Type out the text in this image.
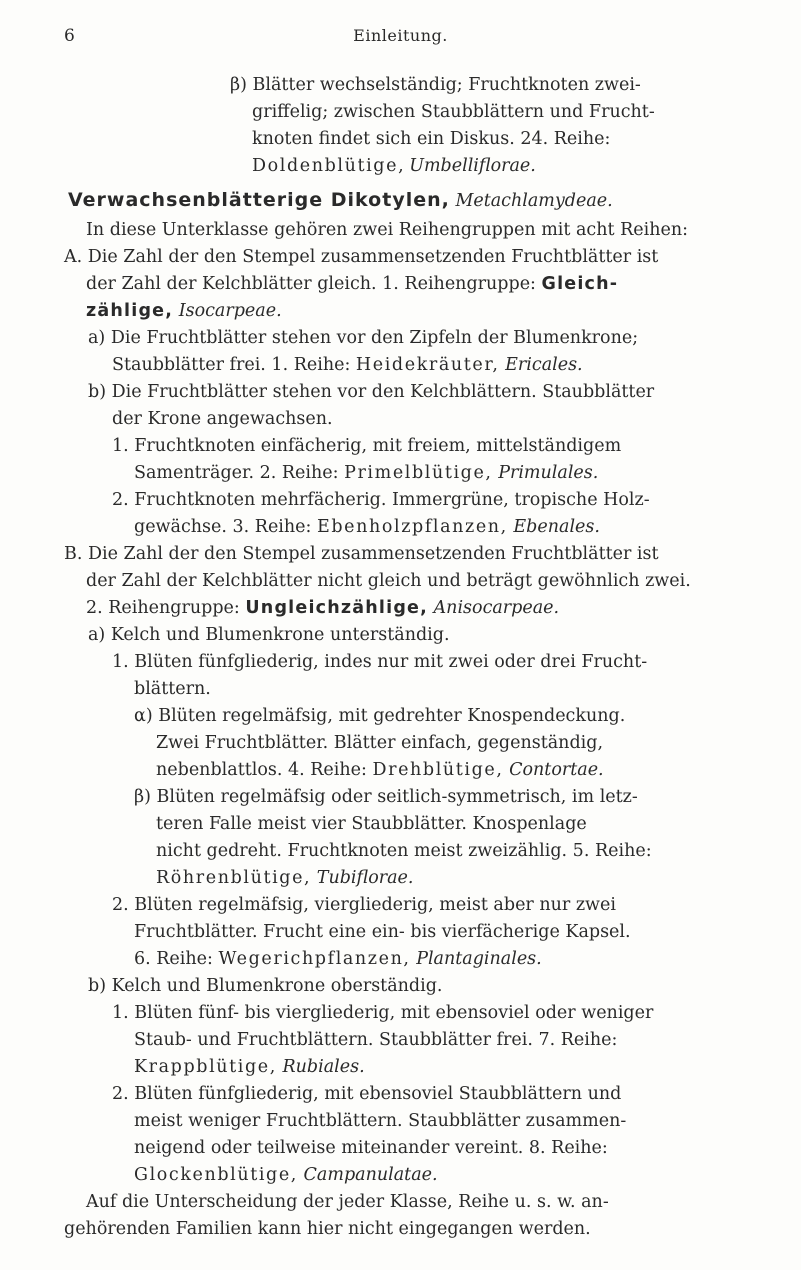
6	Einleitung.
β) Blätter wechselständig; Fruchtknoten zwei-
griffelig; zwischen Staubblättern und Frucht-
knoten findet sich ein Diskus. 24. Reihe:
Doldenblütige, Umbelliflorae.
Verwachsenblätterige Dikotylen, Metachlamydeae.
In diese Unterklasse gehören zwei Reihengruppen mit acht Reihen:
A. Die Zahl der den Stempel zusammensetzenden Fruchtblätter ist
der Zahl der Kelchblätter gleich. 1. Reihengruppe: Gleich-
zählige, Isocarpeae.
a) Die Fruchtblätter stehen vor den Zipfeln der Blumenkrone;
Staubblätter frei. 1. Reihe: Heidekräuter, Ericales.
b) Die Fruchtblätter stehen vor den Kelchblättern. Staubblätter
der Krone angewachsen.
1. Fruchtknoten einfächerig, mit freiem, mittelständigem
Samenträger. 2. Reihe: Primelblütige, Primulales.
2. Fruchtknoten mehrfächerig. Immergrüne, tropische Holz-
gewächse. 3. Reihe: Ebenholzpflanzen, Ebenales.
B. Die Zahl der den Stempel zusammensetzenden Fruchtblätter ist
der Zahl der Kelchblätter nicht gleich und beträgt gewöhnlich zwei.
2. Reihengruppe: Ungleichzählige, Anisocarpeae.
a) Kelch und Blumenkrone unterständig.
1. Blüten fünfgliederig, indes nur mit zwei oder drei Frucht-
blättern.
α) Blüten regelmäfsig, mit gedrehter Knospendeckung.
Zwei Fruchtblätter. Blätter einfach, gegenständig,
nebenblattlos. 4. Reihe: Drehblütige, Contortae.
β) Blüten regelmäfsig oder seitlich-symmetrisch, im letz-
teren Falle meist vier Staubblätter. Knospenlage
nicht gedreht. Fruchtknoten meist zweizählig. 5. Reihe:
Röhrenblütige, Tubiflorae.
2. Blüten regelmäfsig, viergliederig, meist aber nur zwei
Fruchtblätter. Frucht eine ein- bis vierfächerige Kapsel.
6. Reihe: Wegerichpflanzen, Plantaginales.
b) Kelch und Blumenkrone oberständig.
1. Blüten fünf- bis viergliederig, mit ebensoviel oder weniger
Staub- und Fruchtblättern. Staubblätter frei. 7. Reihe:
Krappblütige, Rubiales.
2. Blüten fünfgliederig, mit ebensoviel Staubblättern und
meist weniger Fruchtblättern. Staubblätter zusammen-
neigend oder teilweise miteinander vereint. 8. Reihe:
Glockenblütige, Campanulatae.
Auf die Unterscheidung der jeder Klasse, Reihe u. s. w. an-
gehörenden Familien kann hier nicht eingegangen werden.
